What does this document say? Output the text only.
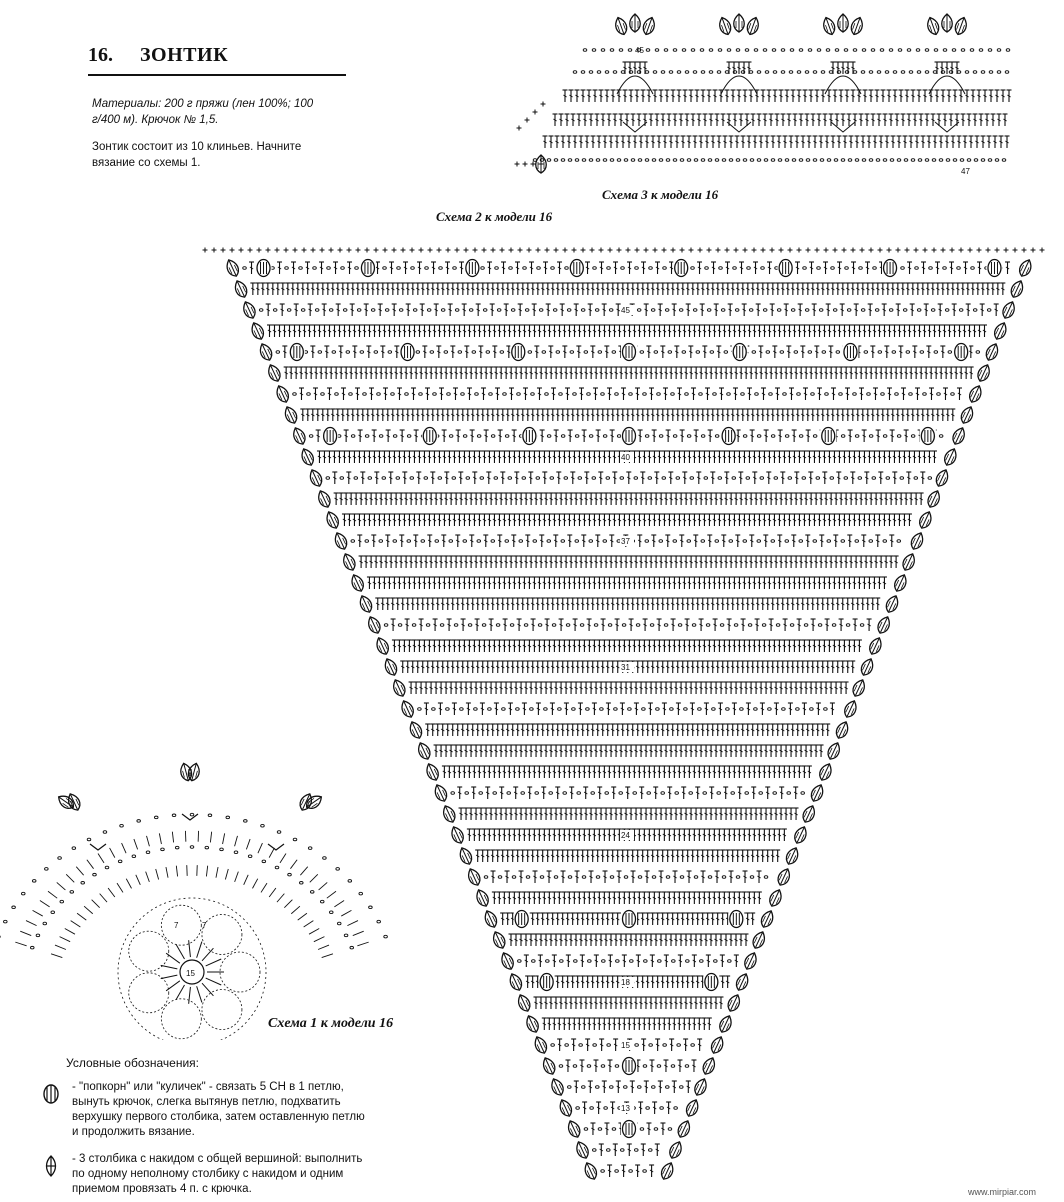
16. ЗОНТИК
Материалы: 200 г пряжи (лен 100%; 100 г/400 м). Крючок № 1,5.
Зонтик состоит из 10 клиньев. Начните вязание со схемы 1.
45
47
Схема 3 к модели 16
Схема 2 к модели 16
45
40
37
31
24
18
15
13
15
7	7
Схема 1 к модели 16
Условные обозначения:
- "попкорн" или "куличек" - связать 5 СН в 1 петлю, вынуть крючок, слегка вытянув петлю, подхватить верхушку первого столбика, затем оставленную петлю и продолжить вязание.
- 3 столбика с накидом с общей вершиной: выполнить по одному неполному столбику с накидом и одним приемом провязать 4 п. с крючка.	www.mirpiar.com
